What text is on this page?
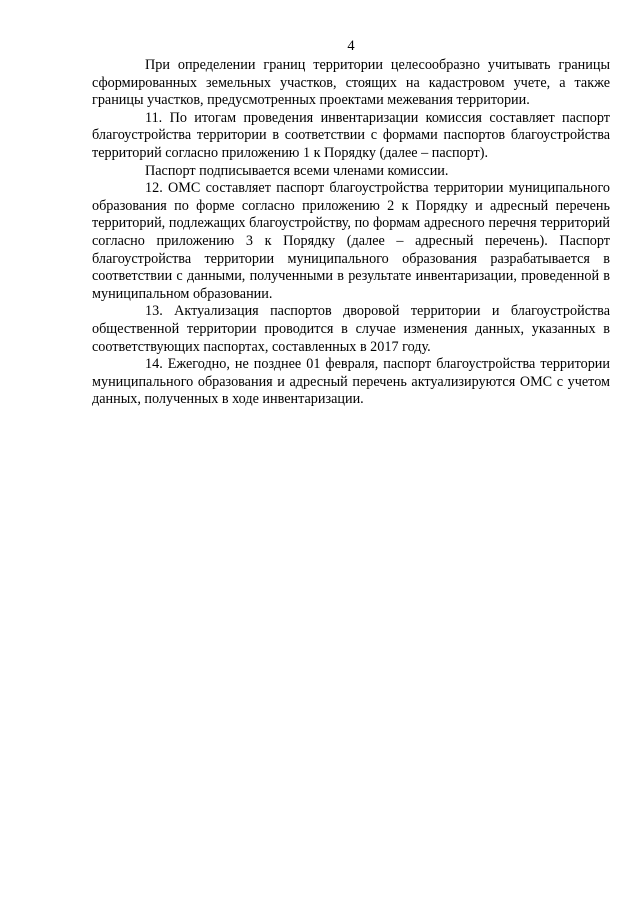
4

При определении границ территории целесообразно учитывать границы сформированных земельных участков, стоящих на кадастровом учете, а также границы участков, предусмотренных проектами межевания территории.

11. По итогам проведения инвентаризации комиссия составляет паспорт благоустройства территории в соответствии с формами паспортов благоустройства территорий согласно приложению 1 к Порядку (далее – паспорт).

Паспорт подписывается всеми членами комиссии.

12. ОМС составляет паспорт благоустройства территории муниципального образования по форме согласно приложению 2 к Порядку и адресный перечень территорий, подлежащих благоустройству, по формам адресного перечня территорий согласно приложению 3 к Порядку (далее – адресный перечень). Паспорт благоустройства территории муниципального образования разрабатывается в соответствии с данными, полученными в результате инвентаризации, проведенной в муниципальном образовании.

13. Актуализация паспортов дворовой территории и благоустройства общественной территории проводится в случае изменения данных, указанных в соответствующих паспортах, составленных в 2017 году.

14. Ежегодно, не позднее 01 февраля, паспорт благоустройства территории муниципального образования и адресный перечень актуализируются ОМС с учетом данных, полученных в ходе инвентаризации.
